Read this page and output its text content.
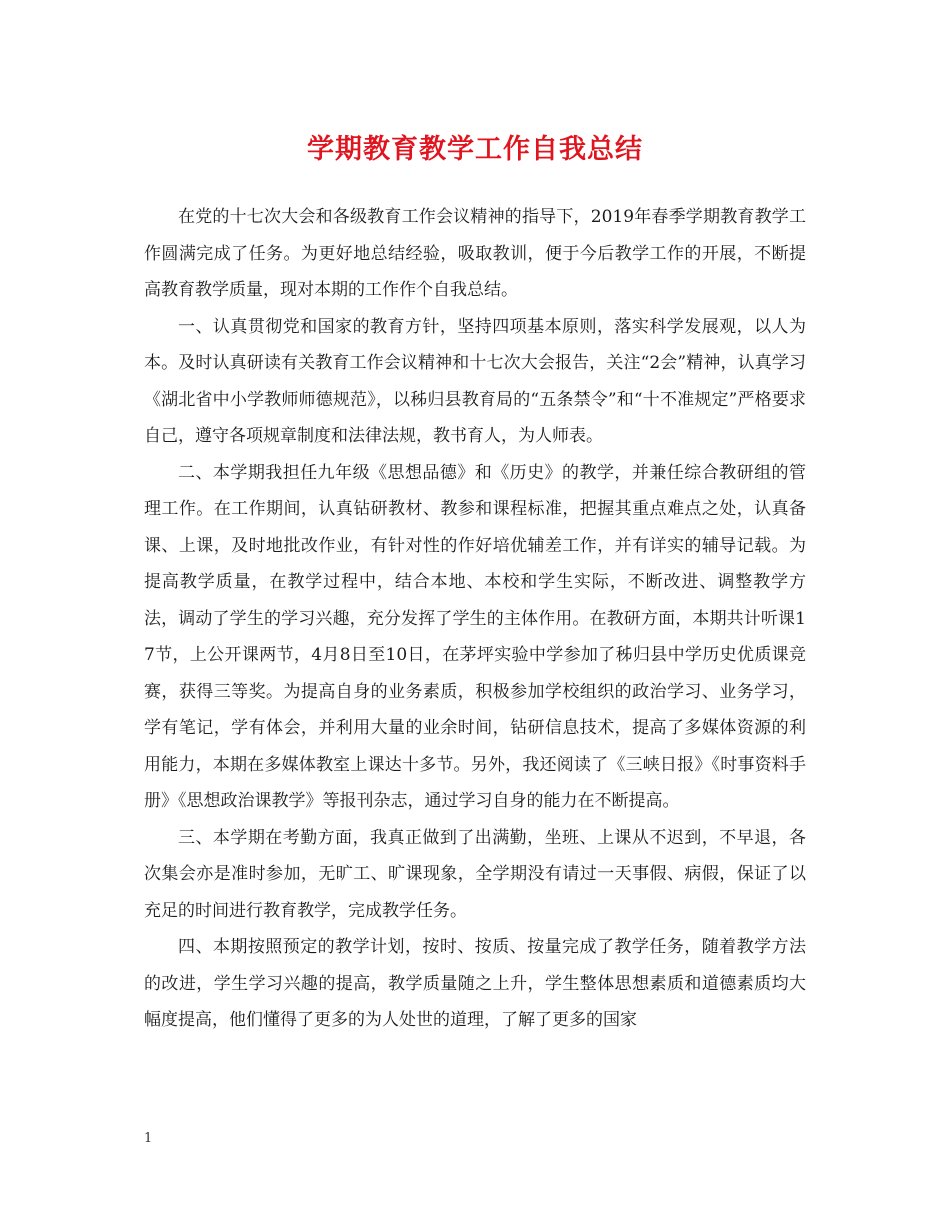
学期教育教学工作自我总结

在党的十七次大会和各级教育工作会议精神的指导下，2019年春季学期教育教学工作圆满完成了任务。为更好地总结经验，吸取教训，便于今后教学工作的开展，不断提高教育教学质量，现对本期的工作作个自我总结。

一、认真贯彻党和国家的教育方针，坚持四项基本原则，落实科学发展观，以人为本。及时认真研读有关教育工作会议精神和十七次大会报告，关注“2会”精神，认真学习《湖北省中小学教师师德规范》，以秭归县教育局的“五条禁令”和“十不准规定”严格要求自己，遵守各项规章制度和法律法规，教书育人，为人师表。

二、本学期我担任九年级《思想品德》和《历史》的教学，并兼任综合教研组的管理工作。在工作期间，认真钻研教材、教参和课程标准，把握其重点难点之处，认真备课、上课，及时地批改作业，有针对性的作好培优辅差工作，并有详实的辅导记载。为提高教学质量，在教学过程中，结合本地、本校和学生实际，不断改进、调整教学方法，调动了学生的学习兴趣，充分发挥了学生的主体作用。在教研方面，本期共计听课17节，上公开课两节，4月8日至10日，在茅坪实验中学参加了秭归县中学历史优质课竞赛，获得三等奖。为提高自身的业务素质，积极参加学校组织的政治学习、业务学习，学有笔记，学有体会，并利用大量的业余时间，钻研信息技术，提高了多媒体资源的利用能力，本期在多媒体教室上课达十多节。另外，我还阅读了《三峡日报》《时事资料手册》《思想政治课教学》等报刊杂志，通过学习自身的能力在不断提高。

三、本学期在考勤方面，我真正做到了出满勤，坐班、上课从不迟到，不早退，各次集会亦是准时参加，无旷工、旷课现象，全学期没有请过一天事假、病假，保证了以充足的时间进行教育教学，完成教学任务。

四、本期按照预定的教学计划，按时、按质、按量完成了教学任务，随着教学方法的改进，学生学习兴趣的提高，教学质量随之上升，学生整体思想素质和道德素质均大幅度提高，他们懂得了更多的为人处世的道理，了解了更多的国家

1
